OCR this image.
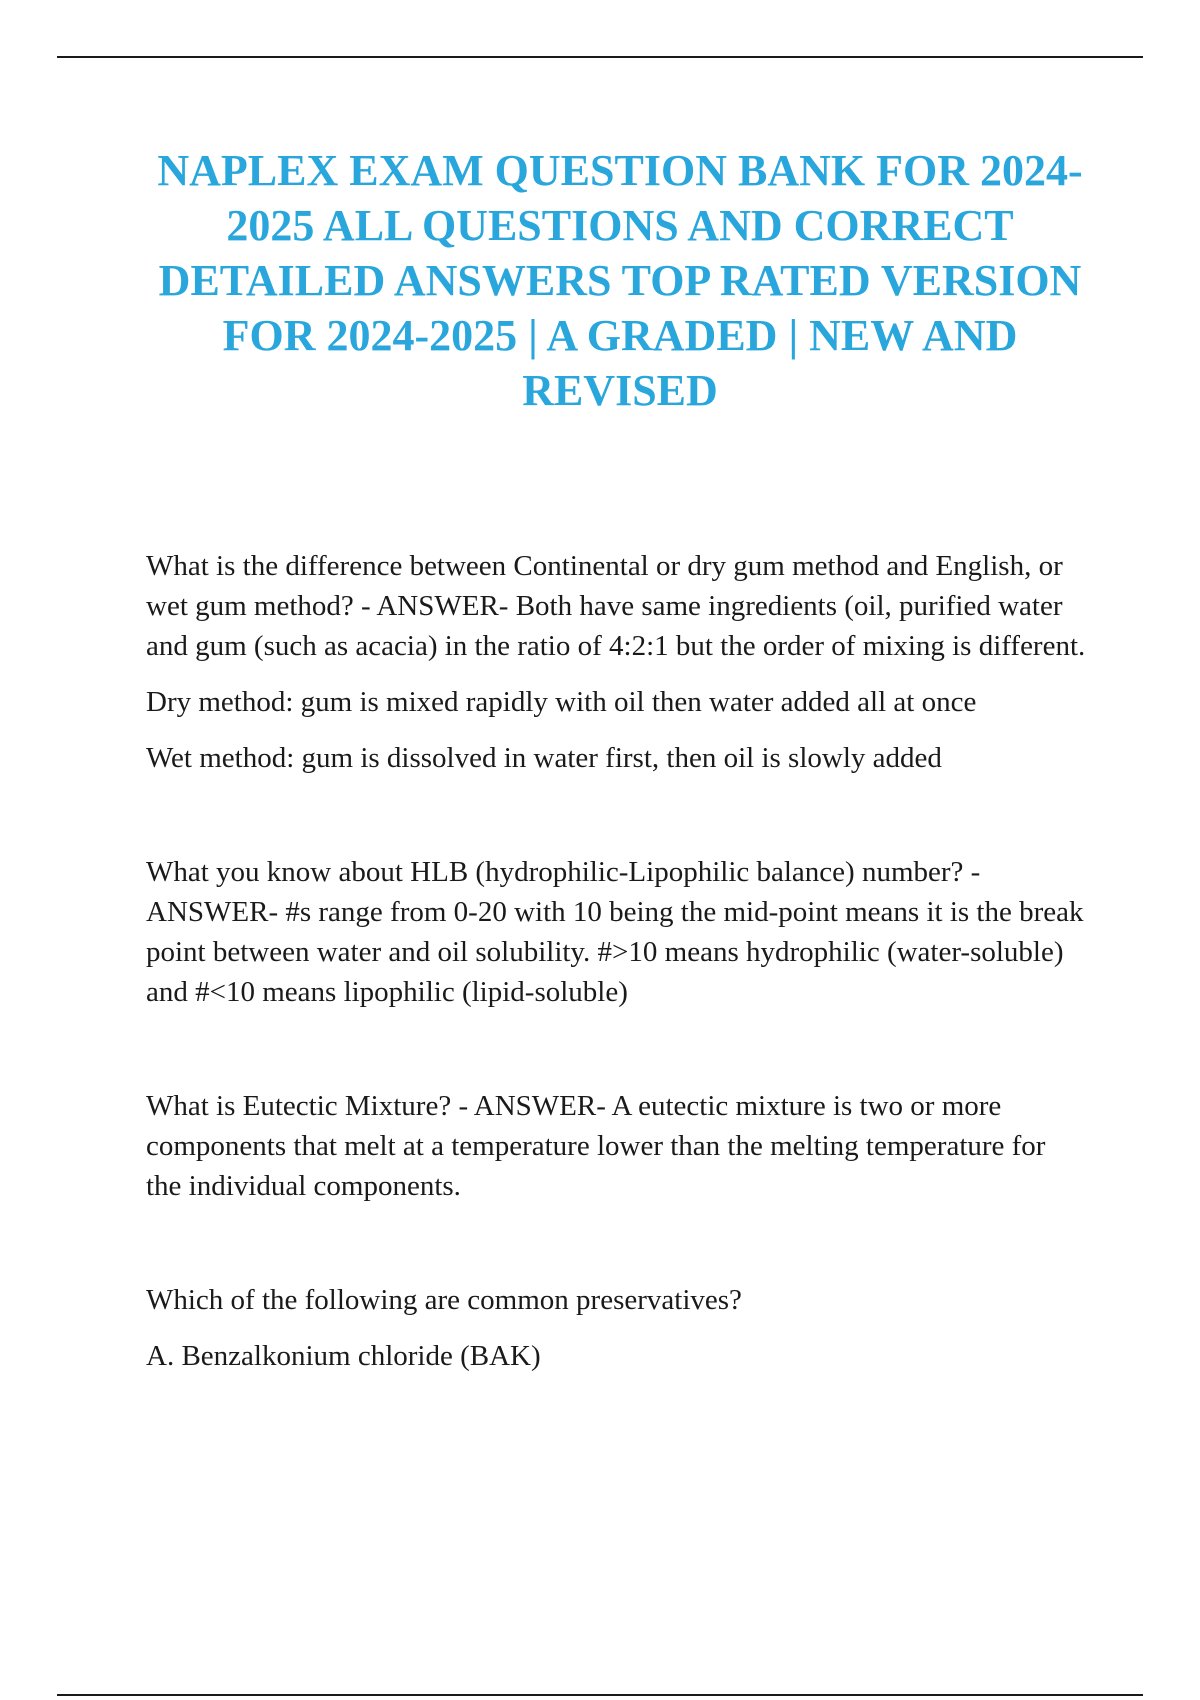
NAPLEX EXAM QUESTION BANK FOR 2024-2025 ALL QUESTIONS AND CORRECT DETAILED ANSWERS TOP RATED VERSION FOR 2024-2025 | A GRADED | NEW AND REVISED

What is the difference between Continental or dry gum method and English, or wet gum method? - ANSWER- Both have same ingredients (oil, purified water and gum (such as acacia) in the ratio of 4:2:1 but the order of mixing is different.

Dry method: gum is mixed rapidly with oil then water added all at once

Wet method: gum is dissolved in water first, then oil is slowly added

What you know about HLB (hydrophilic-Lipophilic balance) number? - ANSWER- #s range from 0-20 with 10 being the mid-point means it is the break point between water and oil solubility. #>10 means hydrophilic (water-soluble) and #<10 means lipophilic (lipid-soluble)

What is Eutectic Mixture? - ANSWER- A eutectic mixture is two or more components that melt at a temperature lower than the melting temperature for the individual components.

Which of the following are common preservatives?

A. Benzalkonium chloride (BAK)
